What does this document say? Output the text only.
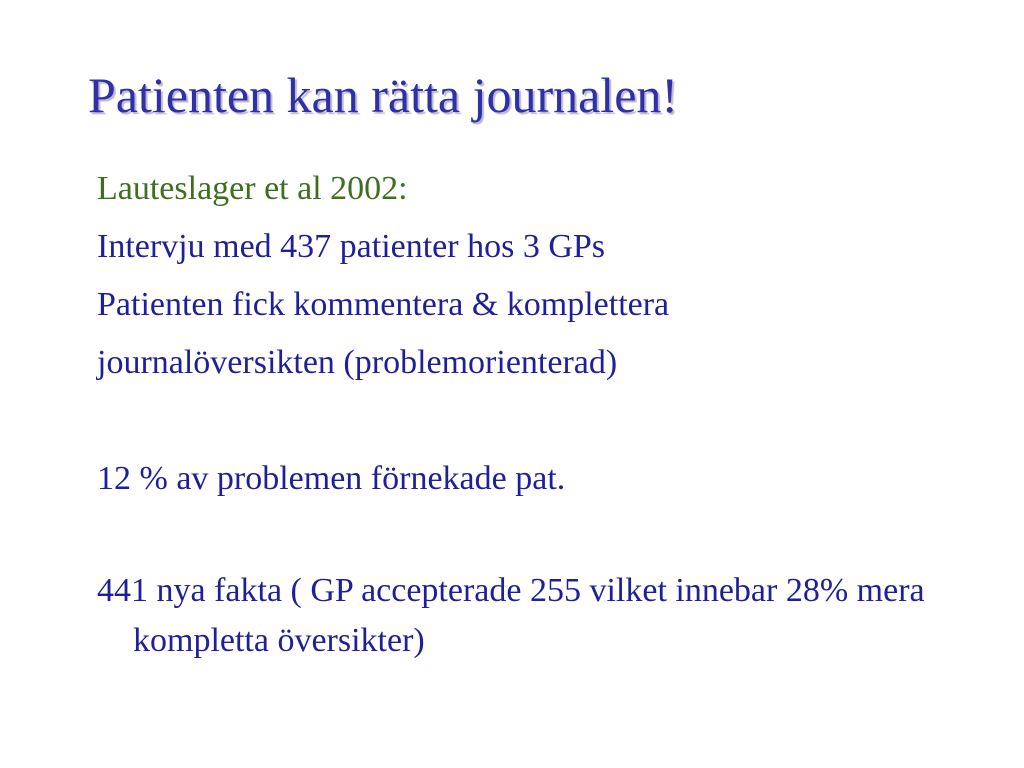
Patienten kan rätta journalen!

Lauteslager et al 2002:

Intervju med 437 patienter hos 3 GPs

Patienten fick kommentera & komplettera

journalöversikten (problemorienterad)

12 % av problemen förnekade pat.

441 nya fakta ( GP accepterade 255 vilket innebar 28% mera kompletta översikter)
